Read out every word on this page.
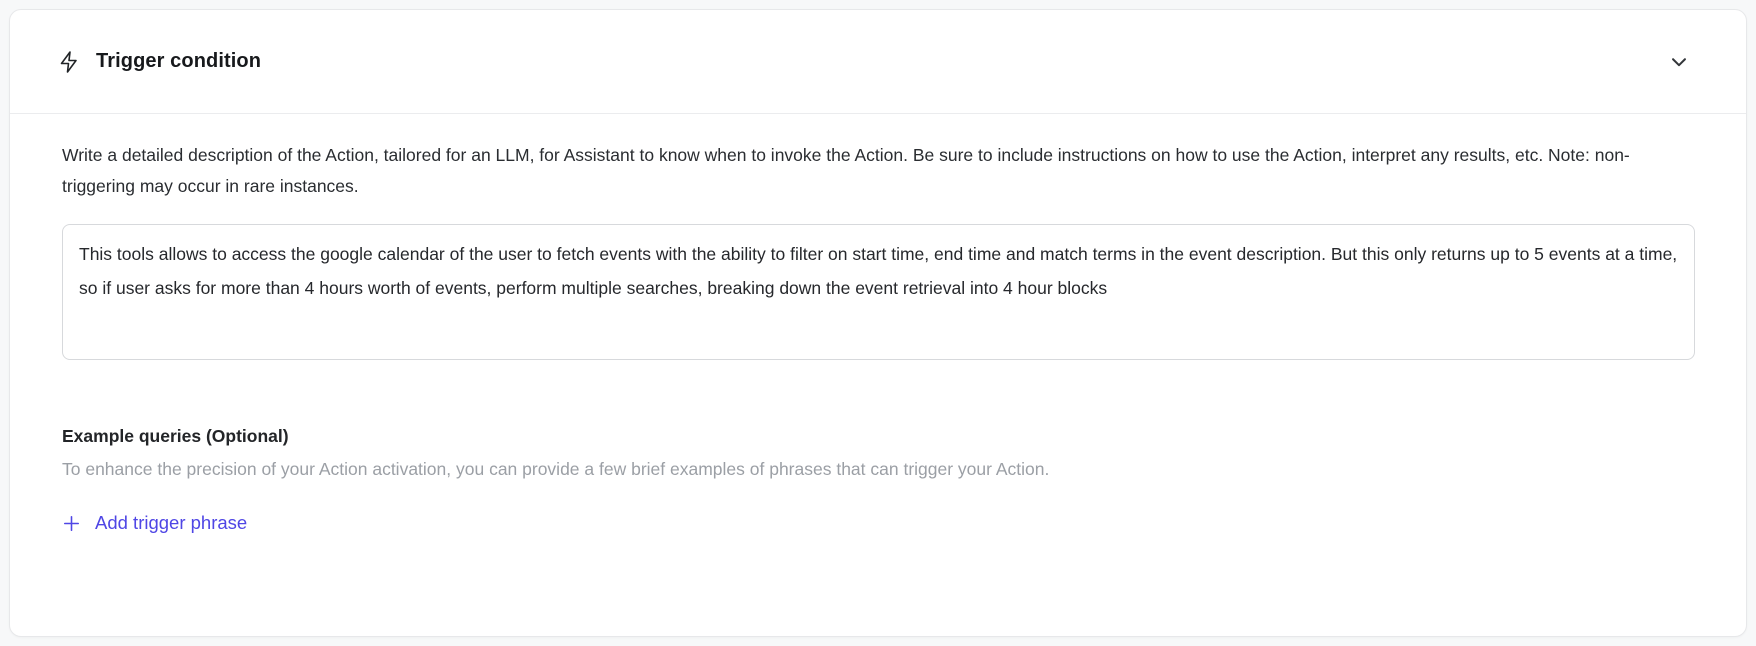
Trigger condition

Write a detailed description of the Action, tailored for an LLM, for Assistant to know when to invoke the Action. Be sure to include instructions on how to use the Action, interpret any results, etc. Note: non-triggering may occur in rare instances.

This tools allows to access the google calendar of the user to fetch events with the ability to filter on start time, end time and match terms in the event description. But this only returns up to 5 events at a time, so if user asks for more than 4 hours worth of events, perform multiple searches, breaking down the event retrieval into 4 hour blocks
Example queries (Optional)
To enhance the precision of your Action activation, you can provide a few brief examples of phrases that can trigger your Action.
Add trigger phrase
